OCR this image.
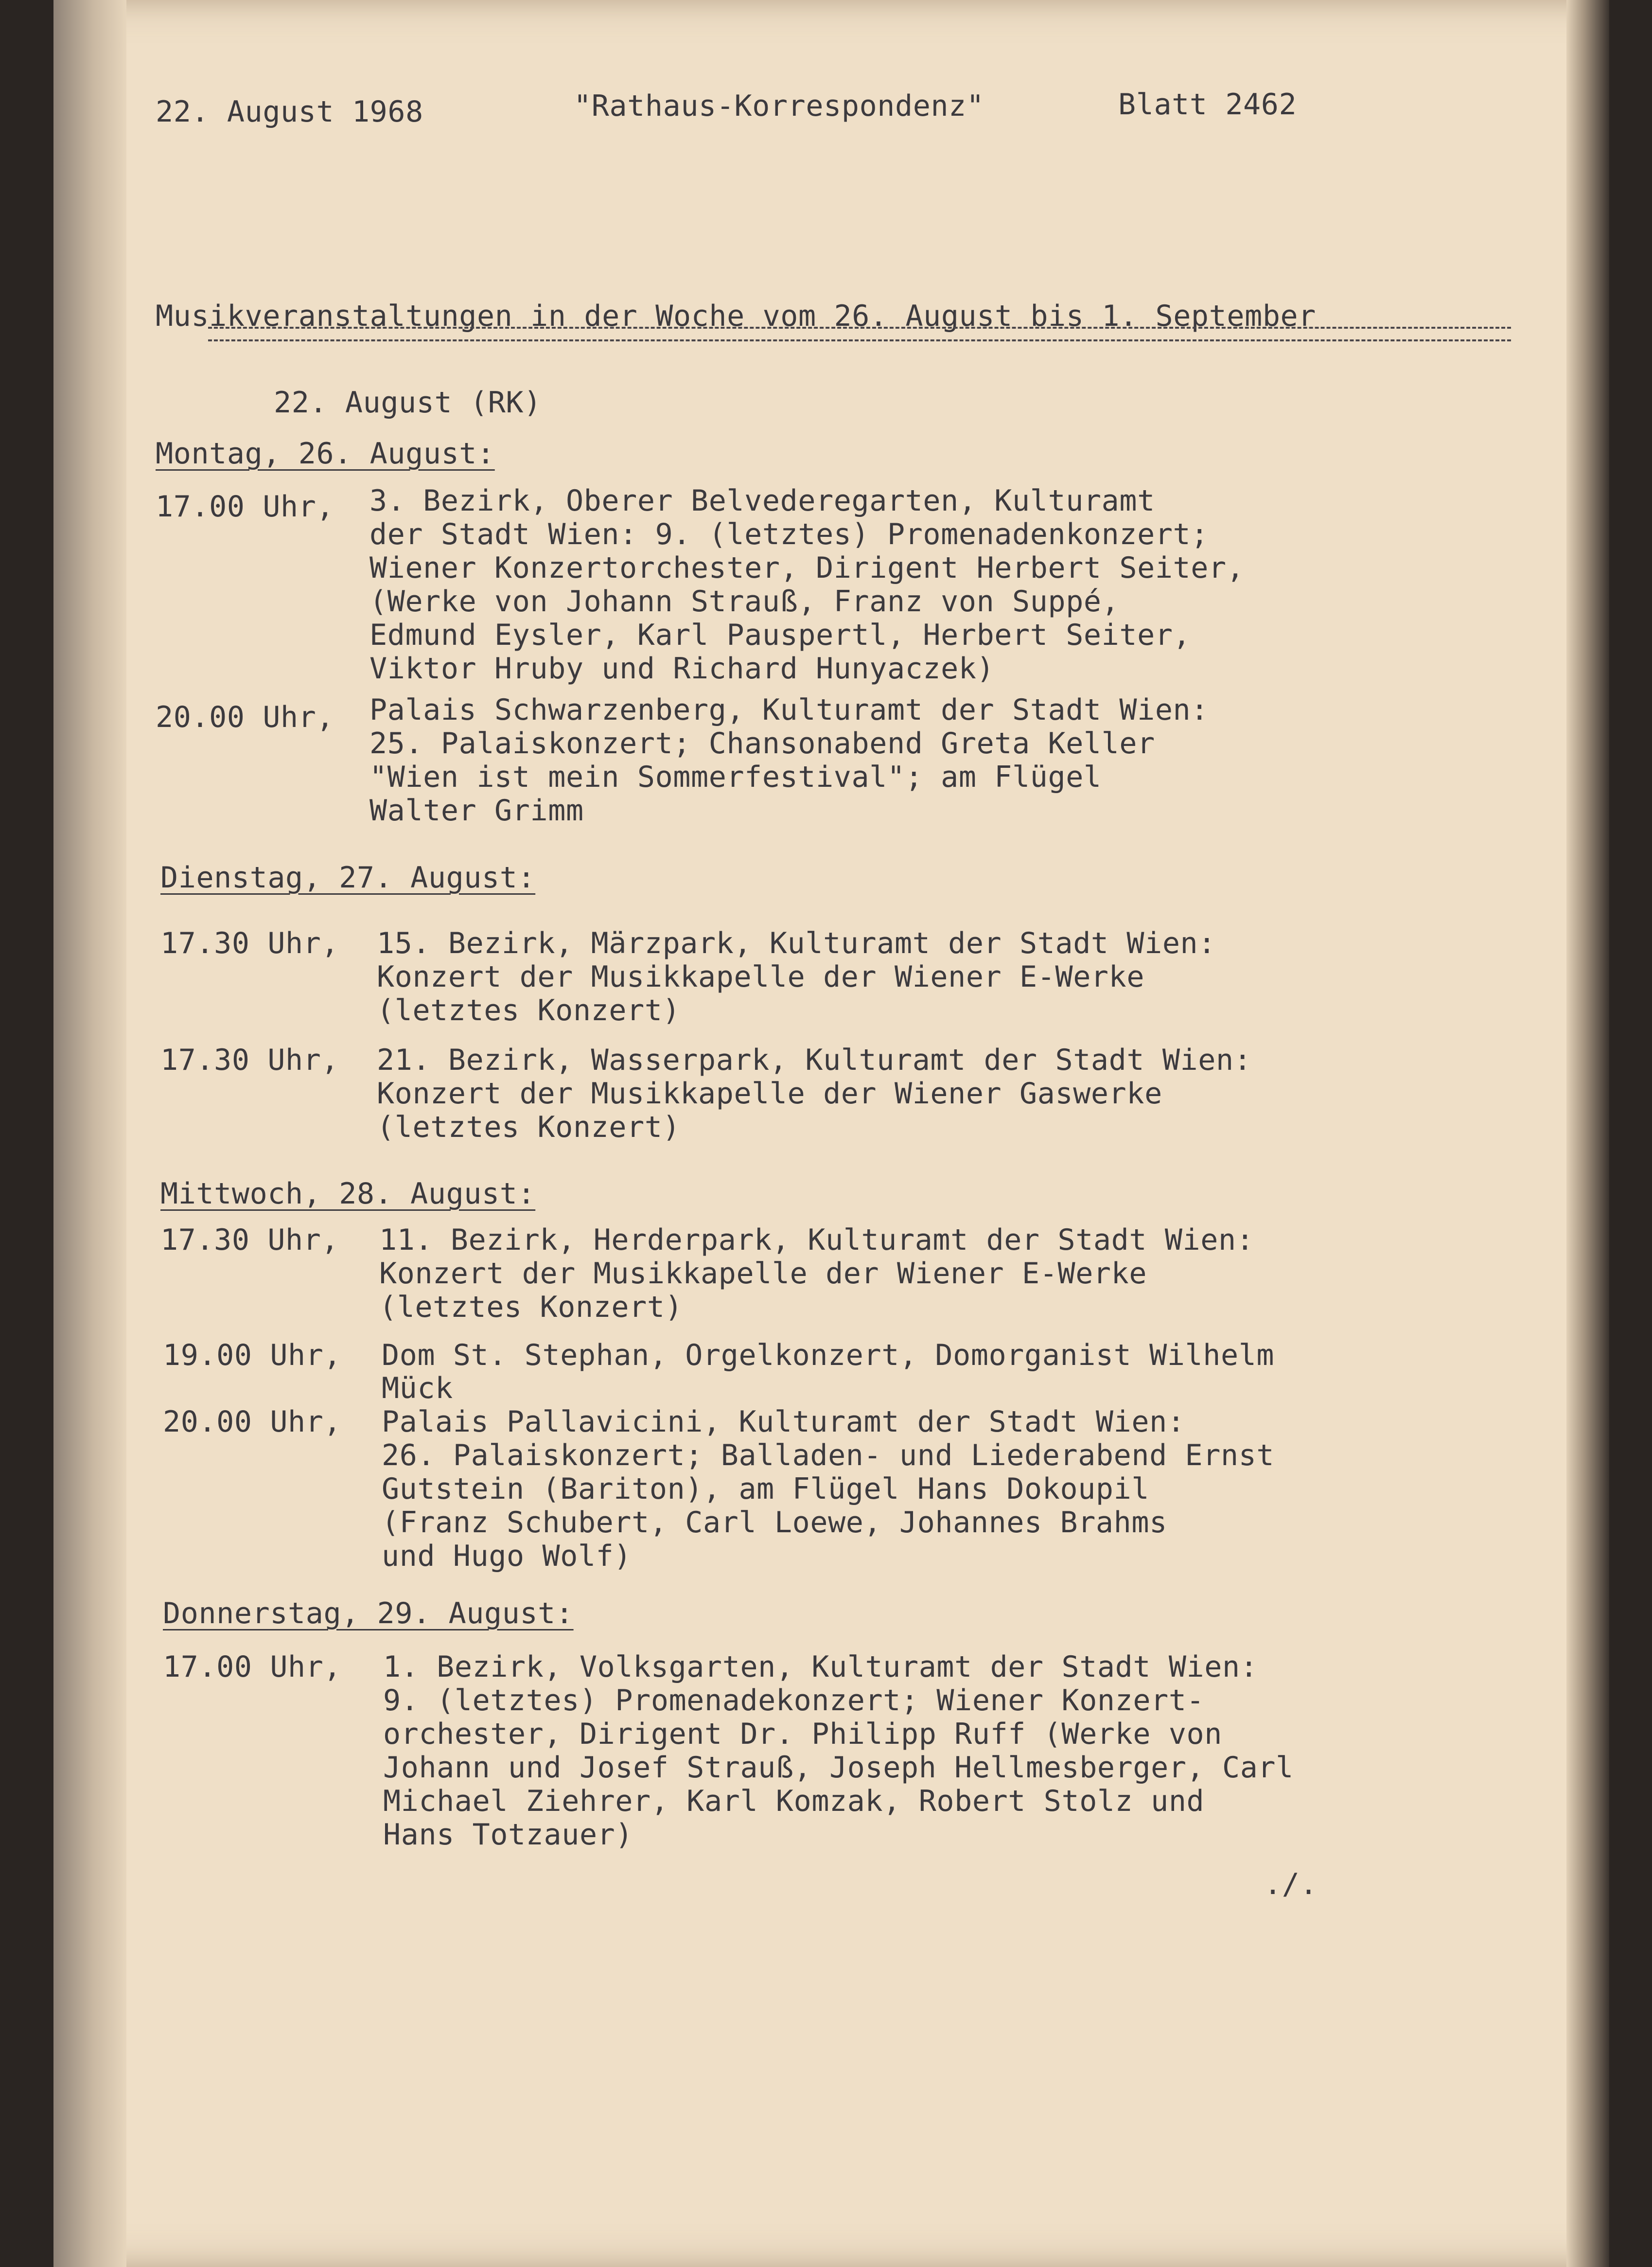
22. August 1968	"Rathaus-Korrespondenz"	Blatt 2462
Musikveranstaltungen in der Woche vom 26. August bis 1. September
22. August (RK)
Montag, 26. August:
17.00 Uhr, 3. Bezirk, Oberer Belvederegarten, Kulturamt
der Stadt Wien: 9. (letztes) Promenadenkonzert;
Wiener Konzertorchester, Dirigent Herbert Seiter,
(Werke von Johann Strauß, Franz von Suppé,
Edmund Eysler, Karl Pauspertl, Herbert Seiter,
Viktor Hruby und Richard Hunyaczek)
20.00 Uhr, Palais Schwarzenberg, Kulturamt der Stadt Wien:
25. Palaiskonzert; Chansonabend Greta Keller
"Wien ist mein Sommerfestival"; am Flügel
Walter Grimm
Dienstag, 27. August:
17.30 Uhr, 15. Bezirk, Märzpark, Kulturamt der Stadt Wien:
Konzert der Musikkapelle der Wiener E-Werke
(letztes Konzert)
17.30 Uhr, 21. Bezirk, Wasserpark, Kulturamt der Stadt Wien:
Konzert der Musikkapelle der Wiener Gaswerke
(letztes Konzert)
Mittwoch, 28. August:
17.30 Uhr, 11. Bezirk, Herderpark, Kulturamt der Stadt Wien:
Konzert der Musikkapelle der Wiener E-Werke
(letztes Konzert)
19.00 Uhr, Dom St. Stephan, Orgelkonzert, Domorganist Wilhelm
Mück
20.00 Uhr, Palais Pallavicini, Kulturamt der Stadt Wien:
26. Palaiskonzert; Balladen- und Liederabend Ernst
Gutstein (Bariton), am Flügel Hans Dokoupil
(Franz Schubert, Carl Loewe, Johannes Brahms
und Hugo Wolf)
Donnerstag, 29. August:
17.00 Uhr, 1. Bezirk, Volksgarten, Kulturamt der Stadt Wien:
9. (letztes) Promenadekonzert; Wiener Konzert-
orchester, Dirigent Dr. Philipp Ruff (Werke von
Johann und Josef Strauß, Joseph Hellmesberger, Carl
Michael Ziehrer, Karl Komzak, Robert Stolz und
Hans Totzauer)
./.
